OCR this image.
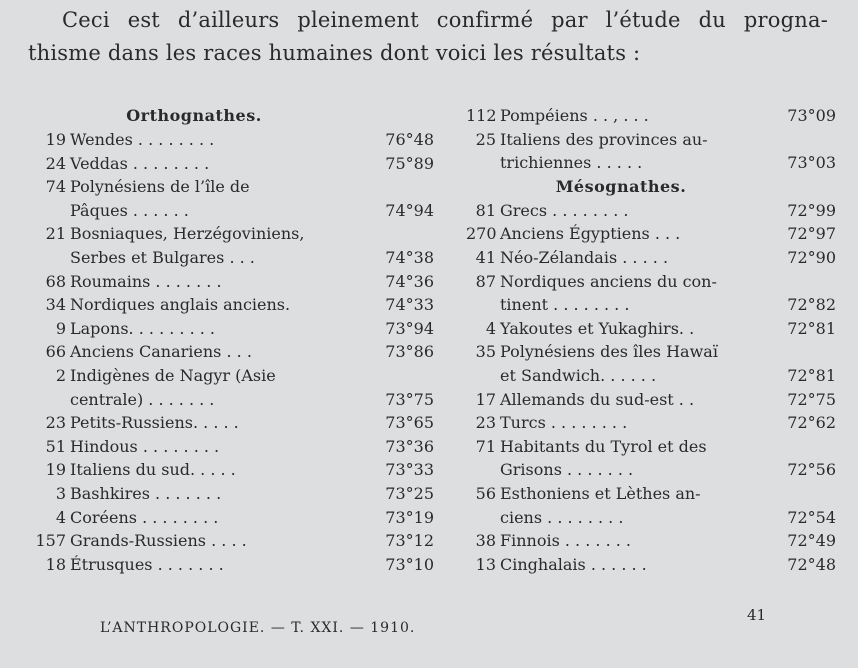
Ceci est d’ailleurs pleinement confirmé par l’étude du progna-
thisme dans les races humaines dont voici les résultats :
Orthognathes.
19 Wendes . . . . . . . .	76°48
24 Veddas . . . . . . . .	75°89
74 Polynésiens de l’île de
Pâques . . . . . .	74°94
21 Bosniaques, Herzégoviniens,
Serbes et Bulgares . . .	74°38
68 Roumains . . . . . . .	74°36
34 Nordiques anglais anciens.	74°33
9 Lapons. . . . . . . . .	73°94
66 Anciens Canariens . . .	73°86
2 Indigènes de Nagyr (Asie
centrale) . . . . . . .	73°75
23 Petits-Russiens. . . . .	73°65
51 Hindous . . . . . . . .	73°36
19 Italiens du sud. . . . .	73°33
3 Bashkires . . . . . . .	73°25
4 Coréens . . . . . . . .	73°19
157 Grands-Russiens . . . .	73°12
18 Étrusques . . . . . . .	73°10
112 Pompéiens . . , . . .	73°09
25 Italiens des provinces au-
trichiennes . . . . .	73°03
Mésognathes.
81 Grecs . . . . . . . .	72°99
270 Anciens Égyptiens . . .	72°97
41 Néo-Zélandais . . . . .	72°90
87 Nordiques anciens du con-
tinent . . . . . . . .	72°82
4 Yakoutes et Yukaghirs. .	72°81
35 Polynésiens des îles Hawaï
et Sandwich. . . . . .	72°81
17 Allemands du sud-est . .	72°75
23 Turcs . . . . . . . .	72°62
71 Habitants du Tyrol et des
Grisons . . . . . . .	72°56
56 Esthoniens et Lèthes an-
ciens . . . . . . . .	72°54
38 Finnois . . . . . . .	72°49
13 Cinghalais . . . . . .	72°48
L’ANTHROPOLOGIE. — T. XXI. — 1910.
41
